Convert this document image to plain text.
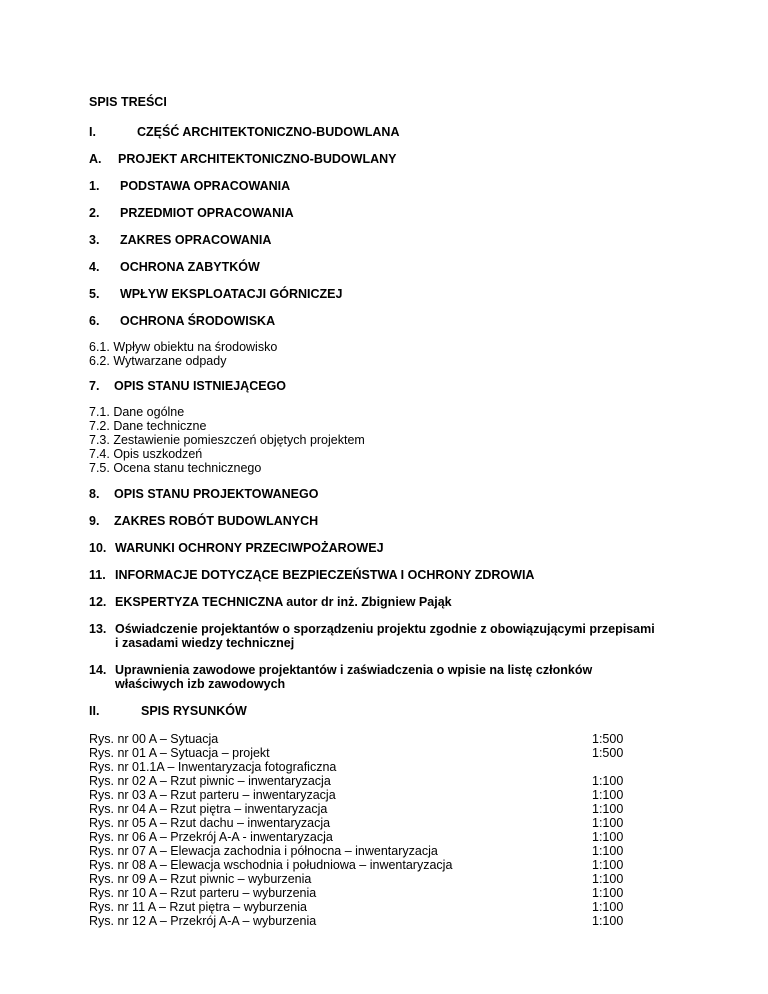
SPIS TREŚCI
I.	CZĘŚĆ ARCHITEKTONICZNO-BUDOWLANA
A. PROJEKT ARCHITEKTONICZNO-BUDOWLANY
1. PODSTAWA OPRACOWANIA
2. PRZEDMIOT OPRACOWANIA
3. ZAKRES OPRACOWANIA
4. OCHRONA ZABYTKÓW
5. WPŁYW EKSPLOATACJI GÓRNICZEJ
6. OCHRONA ŚRODOWISKA
6.1. Wpływ obiektu na środowisko
6.2. Wytwarzane odpady
7. OPIS STANU ISTNIEJĄCEGO
7.1. Dane ogólne
7.2. Dane techniczne
7.3. Zestawienie pomieszczeń objętych projektem
7.4. Opis uszkodzeń
7.5. Ocena stanu technicznego
8. OPIS STANU PROJEKTOWANEGO
9. ZAKRES ROBÓT BUDOWLANYCH
10. WARUNKI OCHRONY PRZECIWPOŻAROWEJ
11. INFORMACJE DOTYCZĄCE BEZPIECZEŃSTWA I OCHRONY ZDROWIA
12. EKSPERTYZA TECHNICZNA autor dr inż. Zbigniew Pająk
13. Oświadczenie projektantów o sporządzeniu projektu zgodnie z obowiązującymi przepisami
i zasadami wiedzy technicznej
14. Uprawnienia zawodowe projektantów i zaświadczenia o wpisie na listę członków
właściwych izb zawodowych
II.	SPIS RYSUNKÓW
Rys. nr 00 A – Sytuacja	1:500
Rys. nr 01 A – Sytuacja – projekt	1:500
Rys. nr 01.1A – Inwentaryzacja fotograficzna
Rys. nr 02 A – Rzut piwnic – inwentaryzacja	1:100
Rys. nr 03 A – Rzut parteru – inwentaryzacja	1:100
Rys. nr 04 A – Rzut piętra – inwentaryzacja	1:100
Rys. nr 05 A – Rzut dachu – inwentaryzacja	1:100
Rys. nr 06 A – Przekrój A-A - inwentaryzacja	1:100
Rys. nr 07 A – Elewacja zachodnia i północna – inwentaryzacja	1:100
Rys. nr 08 A – Elewacja wschodnia i południowa – inwentaryzacja	1:100
Rys. nr 09 A – Rzut piwnic – wyburzenia	1:100
Rys. nr 10 A – Rzut parteru – wyburzenia	1:100
Rys. nr 11 A – Rzut piętra – wyburzenia	1:100
Rys. nr 12 A – Przekrój A-A – wyburzenia	1:100
